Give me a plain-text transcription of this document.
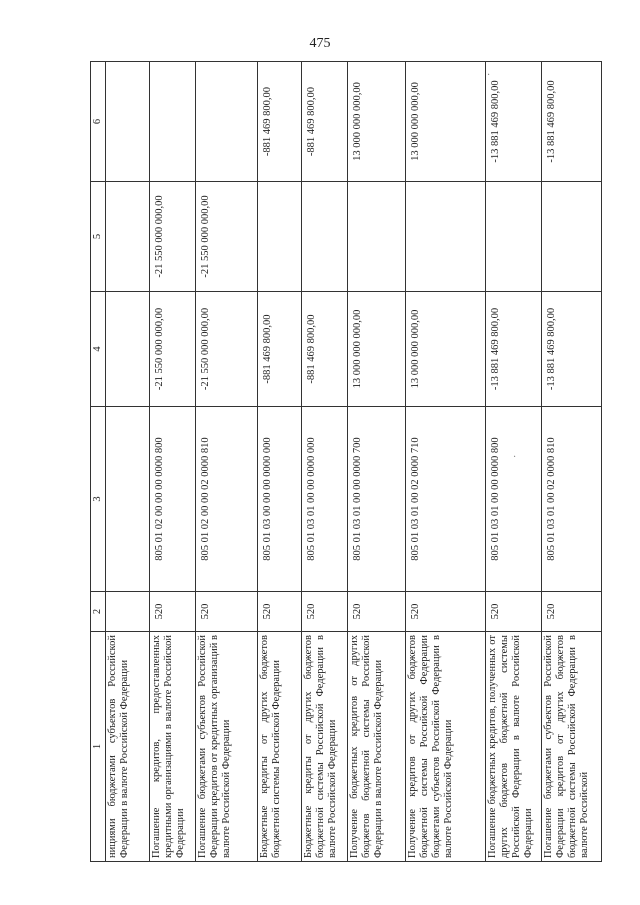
475
1	2	3	4	5	6
нициями бюджетами субъектов Российской Федерации в валюте Российской Федерации					
Погашение кредитов, предоставленных кредитными организациями в валюте Российской Федерации	520	805 01 02 00 00 00 0000 800	-21 550 000 000,00	-21 550 000 000,00	
Погашение бюджетами субъектов Российской Федерации кредитов от кредитных организаций в валюте Российской Федерации	520	805 01 02 00 00 02 0000 810	-21 550 000 000,00	-21 550 000 000,00	
Бюджетные кредиты от других бюджетов бюджетной системы Российской Федерации	520	805 01 03 00 00 00 0000 000	-881 469 800,00		-881 469 800,00
Бюджетные кредиты от других бюджетов бюджетной системы Российской Федерации в валюте Российской Федерации	520	805 01 03 01 00 00 0000 000	-881 469 800,00		-881 469 800,00
Получение бюджетных кредитов от других бюджетов бюджетной системы Российской Федерации в валюте Российской Федерации	520	805 01 03 01 00 00 0000 700	13 000 000 000,00		13 000 000 000,00
Получение кредитов от других бюджетов бюджетной системы Российской Федерации бюджетами субъектов Российской Федерации в валюте Российской Федерации	520	805 01 03 01 00 02 0000 710	13 000 000 000,00		13 000 000 000,00
Погашение бюджетных кредитов, полученных от других бюджетов бюджетной системы Российской Федерации в валюте Российской Федерации	520	805 01 03 01 00 00 0000 800	-13 881 469 800,00		-13 881 469 800,00
Погашение бюджетами субъектов Российской Федерации кредитов от других бюджетов бюджетной системы Российской Федерации в валюте Российской	520	805 01 03 01 00 02 0000 810	-13 881 469 800,00		-13 881 469 800,00
·
·
